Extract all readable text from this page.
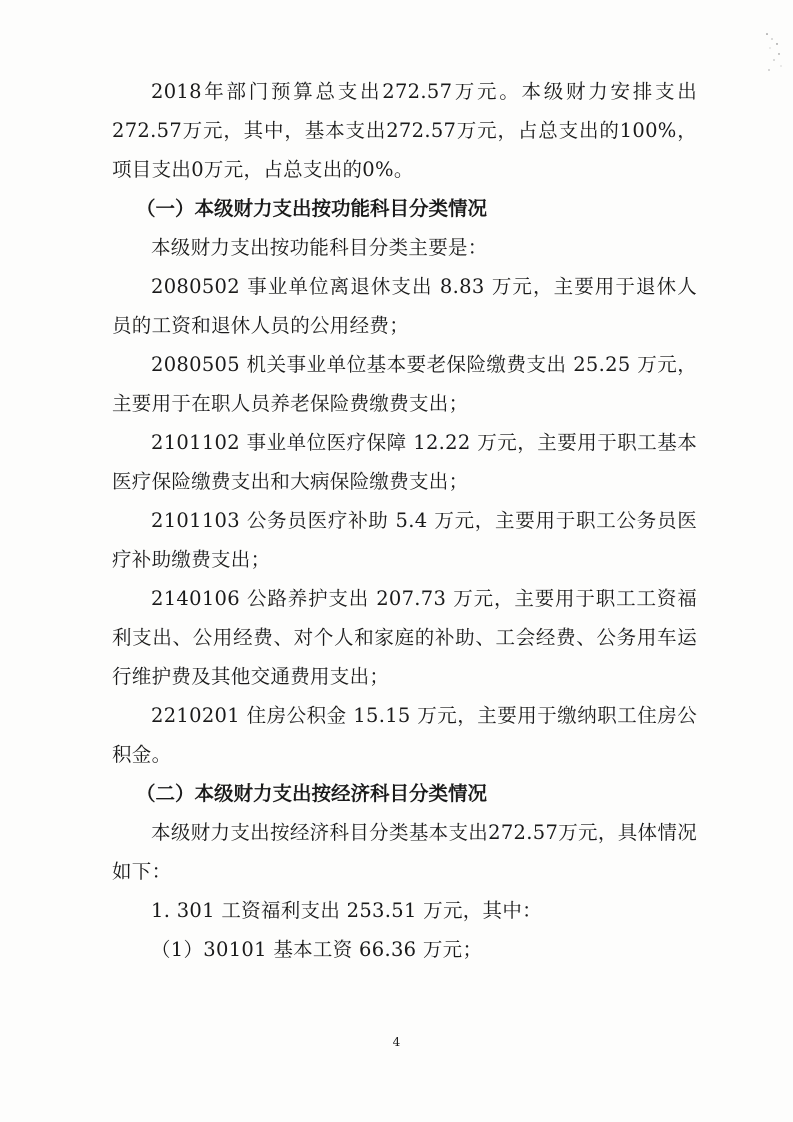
2018年部门预算总支出272.57万元。本级财力安排支出272.57万元，其中，基本支出272.57万元，占总支出的100%，项目支出0万元，占总支出的0%。

（一）本级财力支出按功能科目分类情况

本级财力支出按功能科目分类主要是：

2080502 事业单位离退休支出 8.83 万元，主要用于退休人员的工资和退休人员的公用经费；

2080505 机关事业单位基本要老保险缴费支出 25.25 万元，主要用于在职人员养老保险费缴费支出；

2101102 事业单位医疗保障 12.22 万元，主要用于职工基本医疗保险缴费支出和大病保险缴费支出；

2101103 公务员医疗补助 5.4 万元，主要用于职工公务员医疗补助缴费支出；

2140106 公路养护支出 207.73 万元，主要用于职工工资福利支出、公用经费、对个人和家庭的补助、工会经费、公务用车运行维护费及其他交通费用支出；

2210201 住房公积金 15.15 万元，主要用于缴纳职工住房公积金。

（二）本级财力支出按经济科目分类情况

本级财力支出按经济科目分类基本支出272.57万元，具体情况如下：

1. 301 工资福利支出 253.51 万元，其中：

（1）30101 基本工资 66.36 万元；

4
